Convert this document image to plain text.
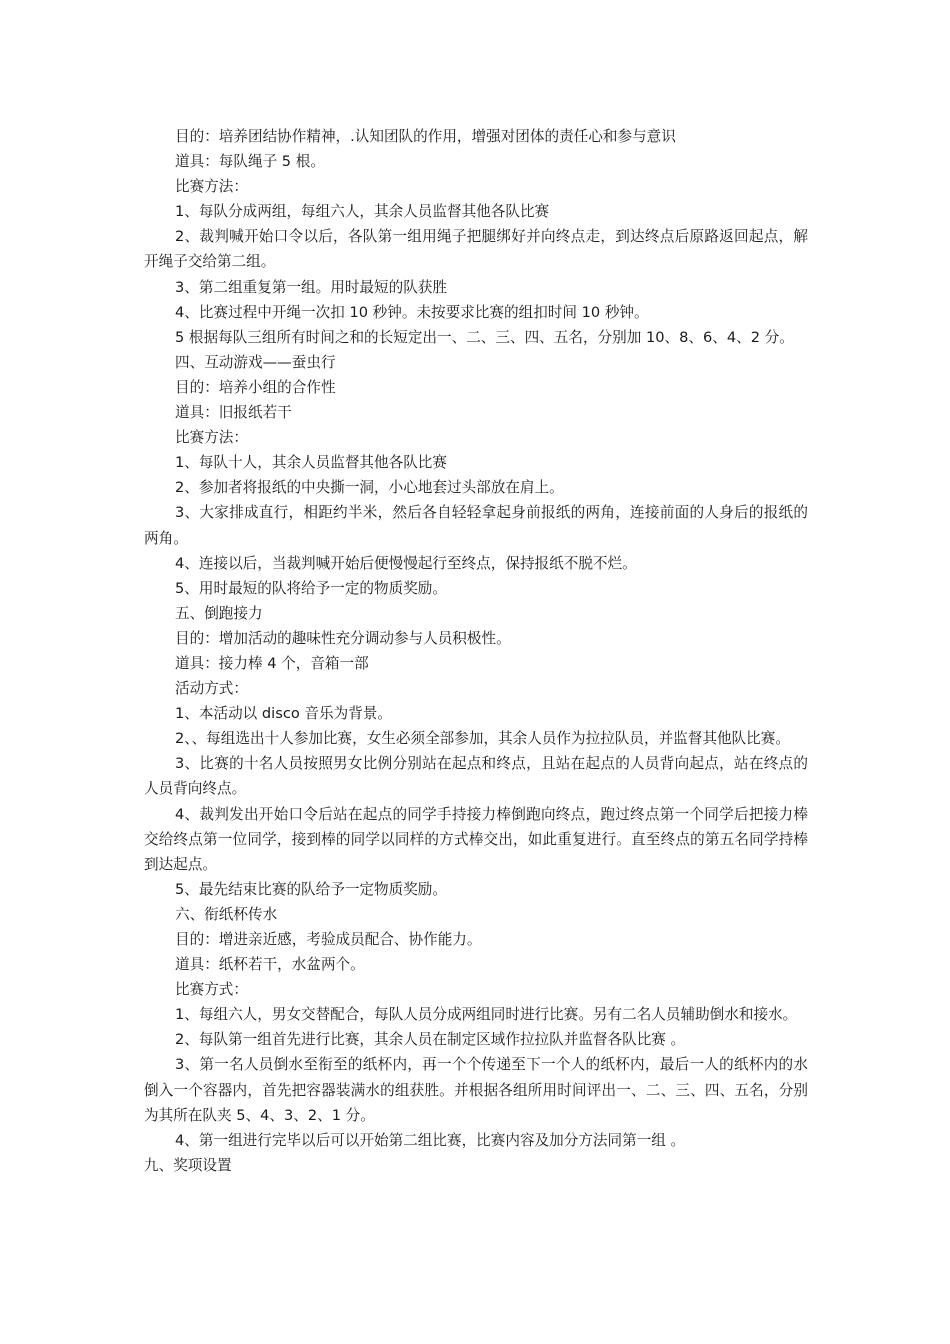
目的：培养团结协作精神，.认知团队的作用，增强对团体的责任心和参与意识

道具：每队绳子 5 根。

比赛方法：

1、每队分成两组，每组六人，其余人员监督其他各队比赛

2、裁判喊开始口令以后，各队第一组用绳子把腿绑好并向终点走，到达终点后原路返回起点，解开绳子交给第二组。

3、第二组重复第一组。用时最短的队获胜

4、比赛过程中开绳一次扣 10 秒钟。未按要求比赛的组扣时间 10 秒钟。

5 根据每队三组所有时间之和的长短定出一、二、三、四、五名，分别加 10、8、6、4、2 分。

四、互动游戏——蚕虫行

目的：培养小组的合作性

道具：旧报纸若干

比赛方法：

1、每队十人，其余人员监督其他各队比赛

2、参加者将报纸的中央撕一洞，小心地套过头部放在肩上。

3、大家排成直行，相距约半米，然后各自轻轻拿起身前报纸的两角，连接前面的人身后的报纸的两角。

4、连接以后，当裁判喊开始后便慢慢起行至终点，保持报纸不脱不烂。

5、用时最短的队将给予一定的物质奖励。

五、倒跑接力

目的：增加活动的趣味性充分调动参与人员积极性。

道具：接力棒 4 个，音箱一部

活动方式：

1、本活动以 disco 音乐为背景。

2、、每组选出十人参加比赛，女生必须全部参加，其余人员作为拉拉队员，并监督其他队比赛。

3、比赛的十名人员按照男女比例分别站在起点和终点，且站在起点的人员背向起点，站在终点的人员背向终点。

4、裁判发出开始口令后站在起点的同学手持接力棒倒跑向终点，跑过终点第一个同学后把接力棒交给终点第一位同学，接到棒的同学以同样的方式棒交出，如此重复进行。直至终点的第五名同学持棒到达起点。

5、最先结束比赛的队给予一定物质奖励。

六、衔纸杯传水

目的：增进亲近感，考验成员配合、协作能力。

道具：纸杯若干，水盆两个。

比赛方式：

1、每组六人，男女交替配合，每队人员分成两组同时进行比赛。另有二名人员辅助倒水和接水。

2、每队第一组首先进行比赛，其余人员在制定区域作拉拉队并监督各队比赛 。

3、第一名人员倒水至衔至的纸杯内，再一个个传递至下一个人的纸杯内，最后一人的纸杯内的水倒入一个容器内，首先把容器装满水的组获胜。并根据各组所用时间评出一、二、三、四、五名，分别为其所在队夹 5、4、3、2、1 分。

4、第一组进行完毕以后可以开始第二组比赛，比赛内容及加分方法同第一组 。

九、奖项设置
